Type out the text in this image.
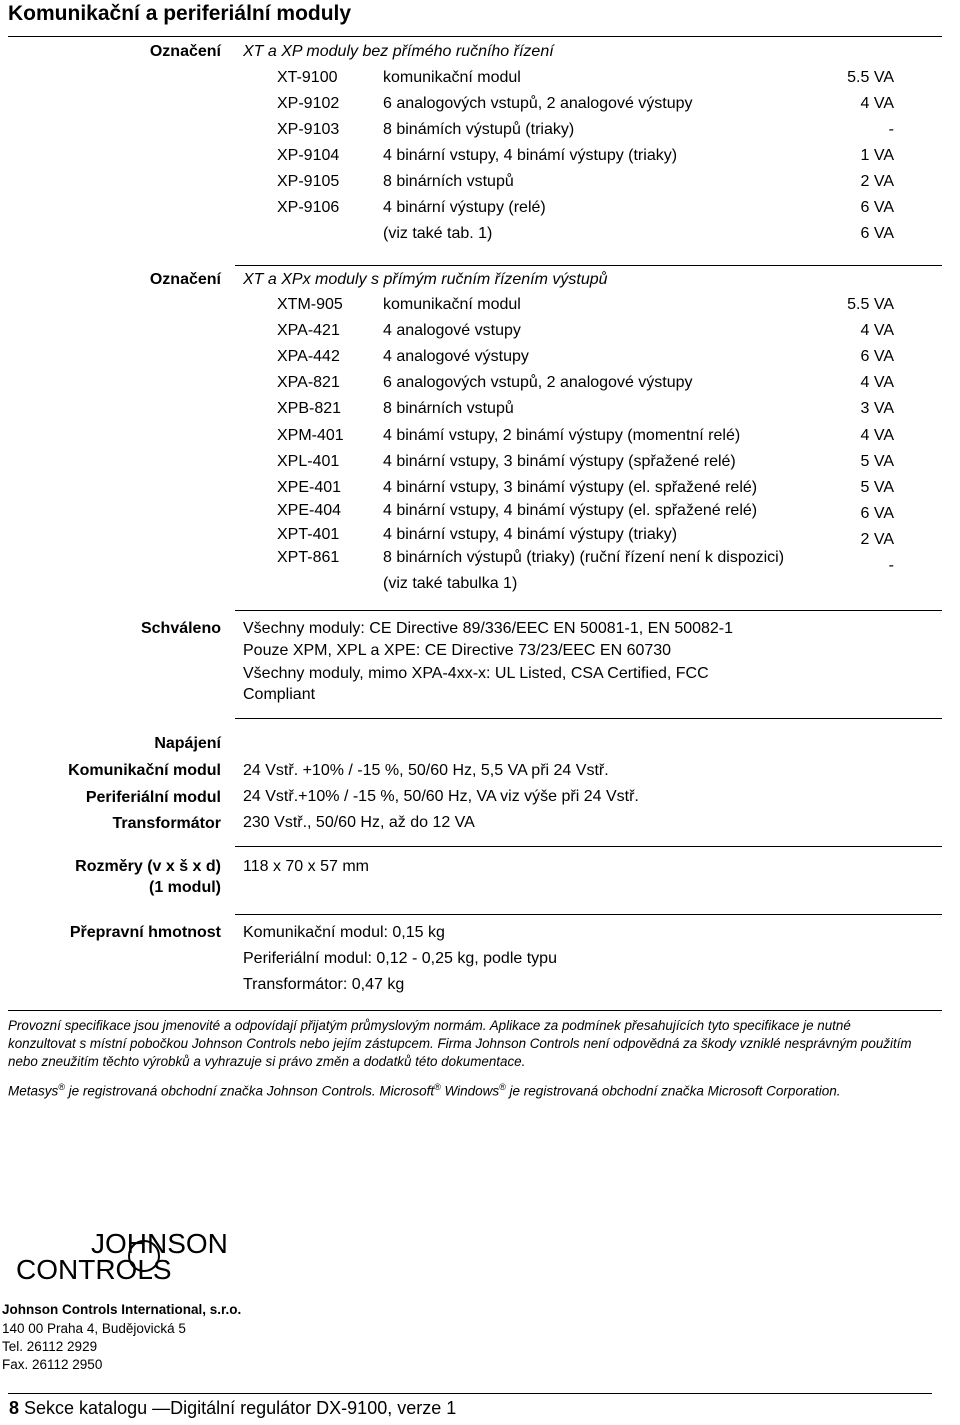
Komunikační a periferiální moduly
Označení XT a XP moduly bez přímého ručního řízení
XT-9100	komunikační modul	5.5 VA
XP-9102	6 analogových vstupů, 2 analogové výstupy	4 VA
XP-9103	8 binámích výstupů (triaky)	-
XP-9104	4 binární vstupy, 4 binámí výstupy (triaky)	1 VA
XP-9105	8 binárních vstupů	2 VA
XP-9106	4 binární výstupy (relé)	6 VA
(viz také tab. 1)	6 VA
Označení XT a XPx moduly s přímým ručním řízením výstupů
XTM-905	komunikační modul	5.5 VA
XPA-421	4 analogové vstupy	4 VA
XPA-442	4 analogové výstupy	6 VA
XPA-821	6 analogových vstupů, 2 analogové výstupy	4 VA
XPB-821	8 binárních vstupů	3 VA
XPM-401 4 binámí vstupy, 2 binámí výstupy (momentní relé)	4 VA
XPL-401	4 binární vstupy, 3 binámí výstupy (spřažené relé)	5 VA
XPE-401	4 binární vstupy, 3 binámí výstupy (el. spřažené relé)	5 VA
XPE-404	4 binární vstupy, 4 binámí výstupy (el. spřažené relé)	6 VA
XPT-401	4 binární vstupy, 4 binámí výstupy (triaky)	2 VA
XPT-861	8 binárních výstupů (triaky) (ruční řízení není k dispozici)	-
(viz také tabulka 1)
Schváleno Všechny moduly: CE Directive 89/336/EEC EN 50081-1, EN 50082-1
Pouze XPM, XPL a XPE: CE Directive 73/23/EEC EN 60730
Všechny moduly, mimo XPA-4xx-x: UL Listed, CSA Certified, FCC
Compliant
Napájení
Komunikační modul 24 Vstř. +10% / -15 %, 50/60 Hz, 5,5 VA při 24 Vstř.
Periferiální modul 24 Vstř.+10% / -15 %, 50/60 Hz, VA viz výše při 24 Vstř.
Transformátor 230 Vstř., 50/60 Hz, až do 12 VA
Rozměry (v x š x d)
(1 modul)
118 x 70 x 57 mm
Přepravní hmotnost Komunikační modul: 0,15 kg
Periferiální modul: 0,12 - 0,25 kg, podle typu
Transformátor: 0,47 kg
Provozní specifikace jsou jmenovité a odpovídají přijatým průmyslovým normám. Aplikace za podmínek přesahujících tyto specifikace je nutné konzultovat s místní pobočkou Johnson Controls nebo jejím zástupcem. Firma Johnson Controls není odpovědná za škody vzniklé nesprávným použitím nebo zneužitím těchto výrobků a vyhrazuje si právo změn a dodatků této dokumentace.
Metasys® je registrovaná obchodní značka Johnson Controls. Microsoft® Windows® je registrovaná obchodní značka Microsoft Corporation.
JOHNSON
CONTROLS
Johnson Controls International, s.r.o.
140 00 Praha 4, Budějovická 5
Tel. 26112 2929
Fax. 26112 2950
8 Sekce katalogu —Digitální regulátor DX-9100, verze 1
